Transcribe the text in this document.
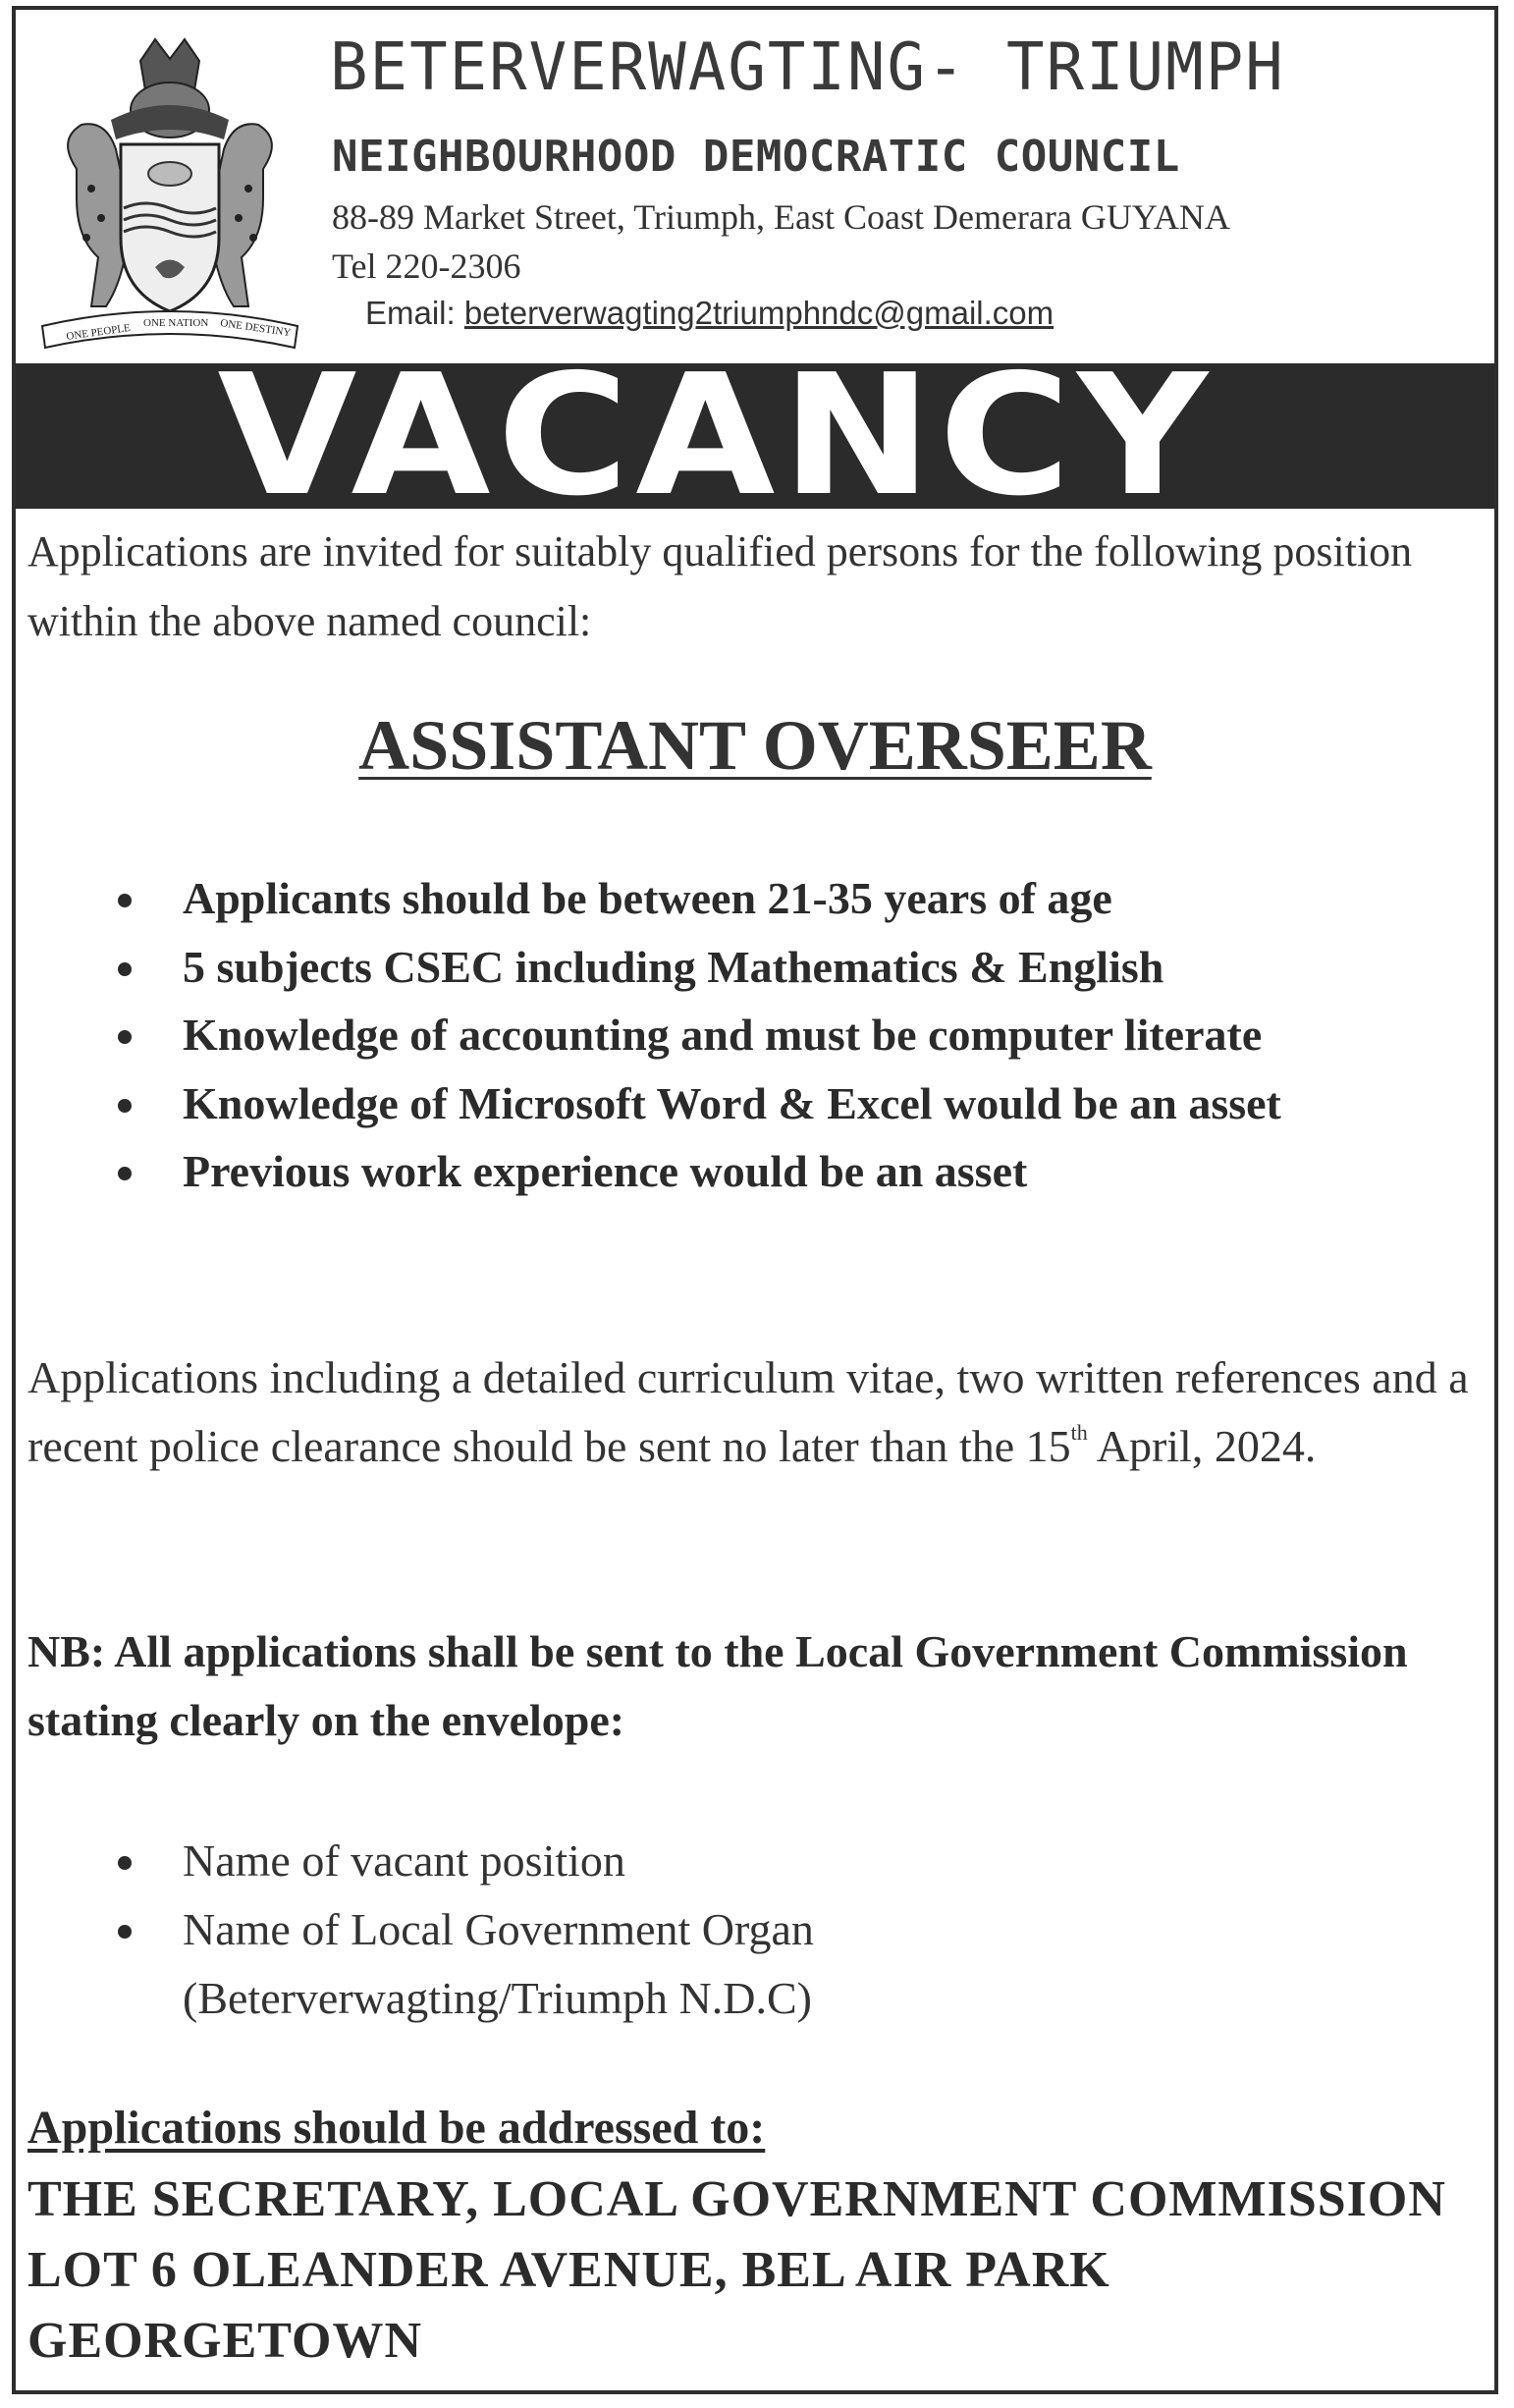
ONE PEOPLE ONE NATION ONE DESTINY
BETERVERWAGTING- TRIUMPH
NEIGHBOURHOOD DEMOCRATIC COUNCIL
88-89 Market Street, Triumph, East Coast Demerara GUYANA
Tel 220-2306
Email: beterverwagting2triumphndc@gmail.com
VACANCY
Applications are invited for suitably qualified persons for the following position within the above named council:
ASSISTANT OVERSEER
Applicants should be between 21-35 years of age
5 subjects CSEC including Mathematics & English
Knowledge of accounting and must be computer literate
Knowledge of Microsoft Word & Excel would be an asset
Previous work experience would be an asset
Applications including a detailed curriculum vitae, two written references and a recent police clearance should be sent no later than the 15th April, 2024.
NB: All applications shall be sent to the Local Government Commission stating clearly on the envelope:
Name of vacant position
Name of Local Government Organ
(Beterverwagting/Triumph N.D.C)
Applications should be addressed to:
THE SECRETARY, LOCAL GOVERNMENT COMMISSION
LOT 6 OLEANDER AVENUE, BEL AIR PARK
GEORGETOWN
